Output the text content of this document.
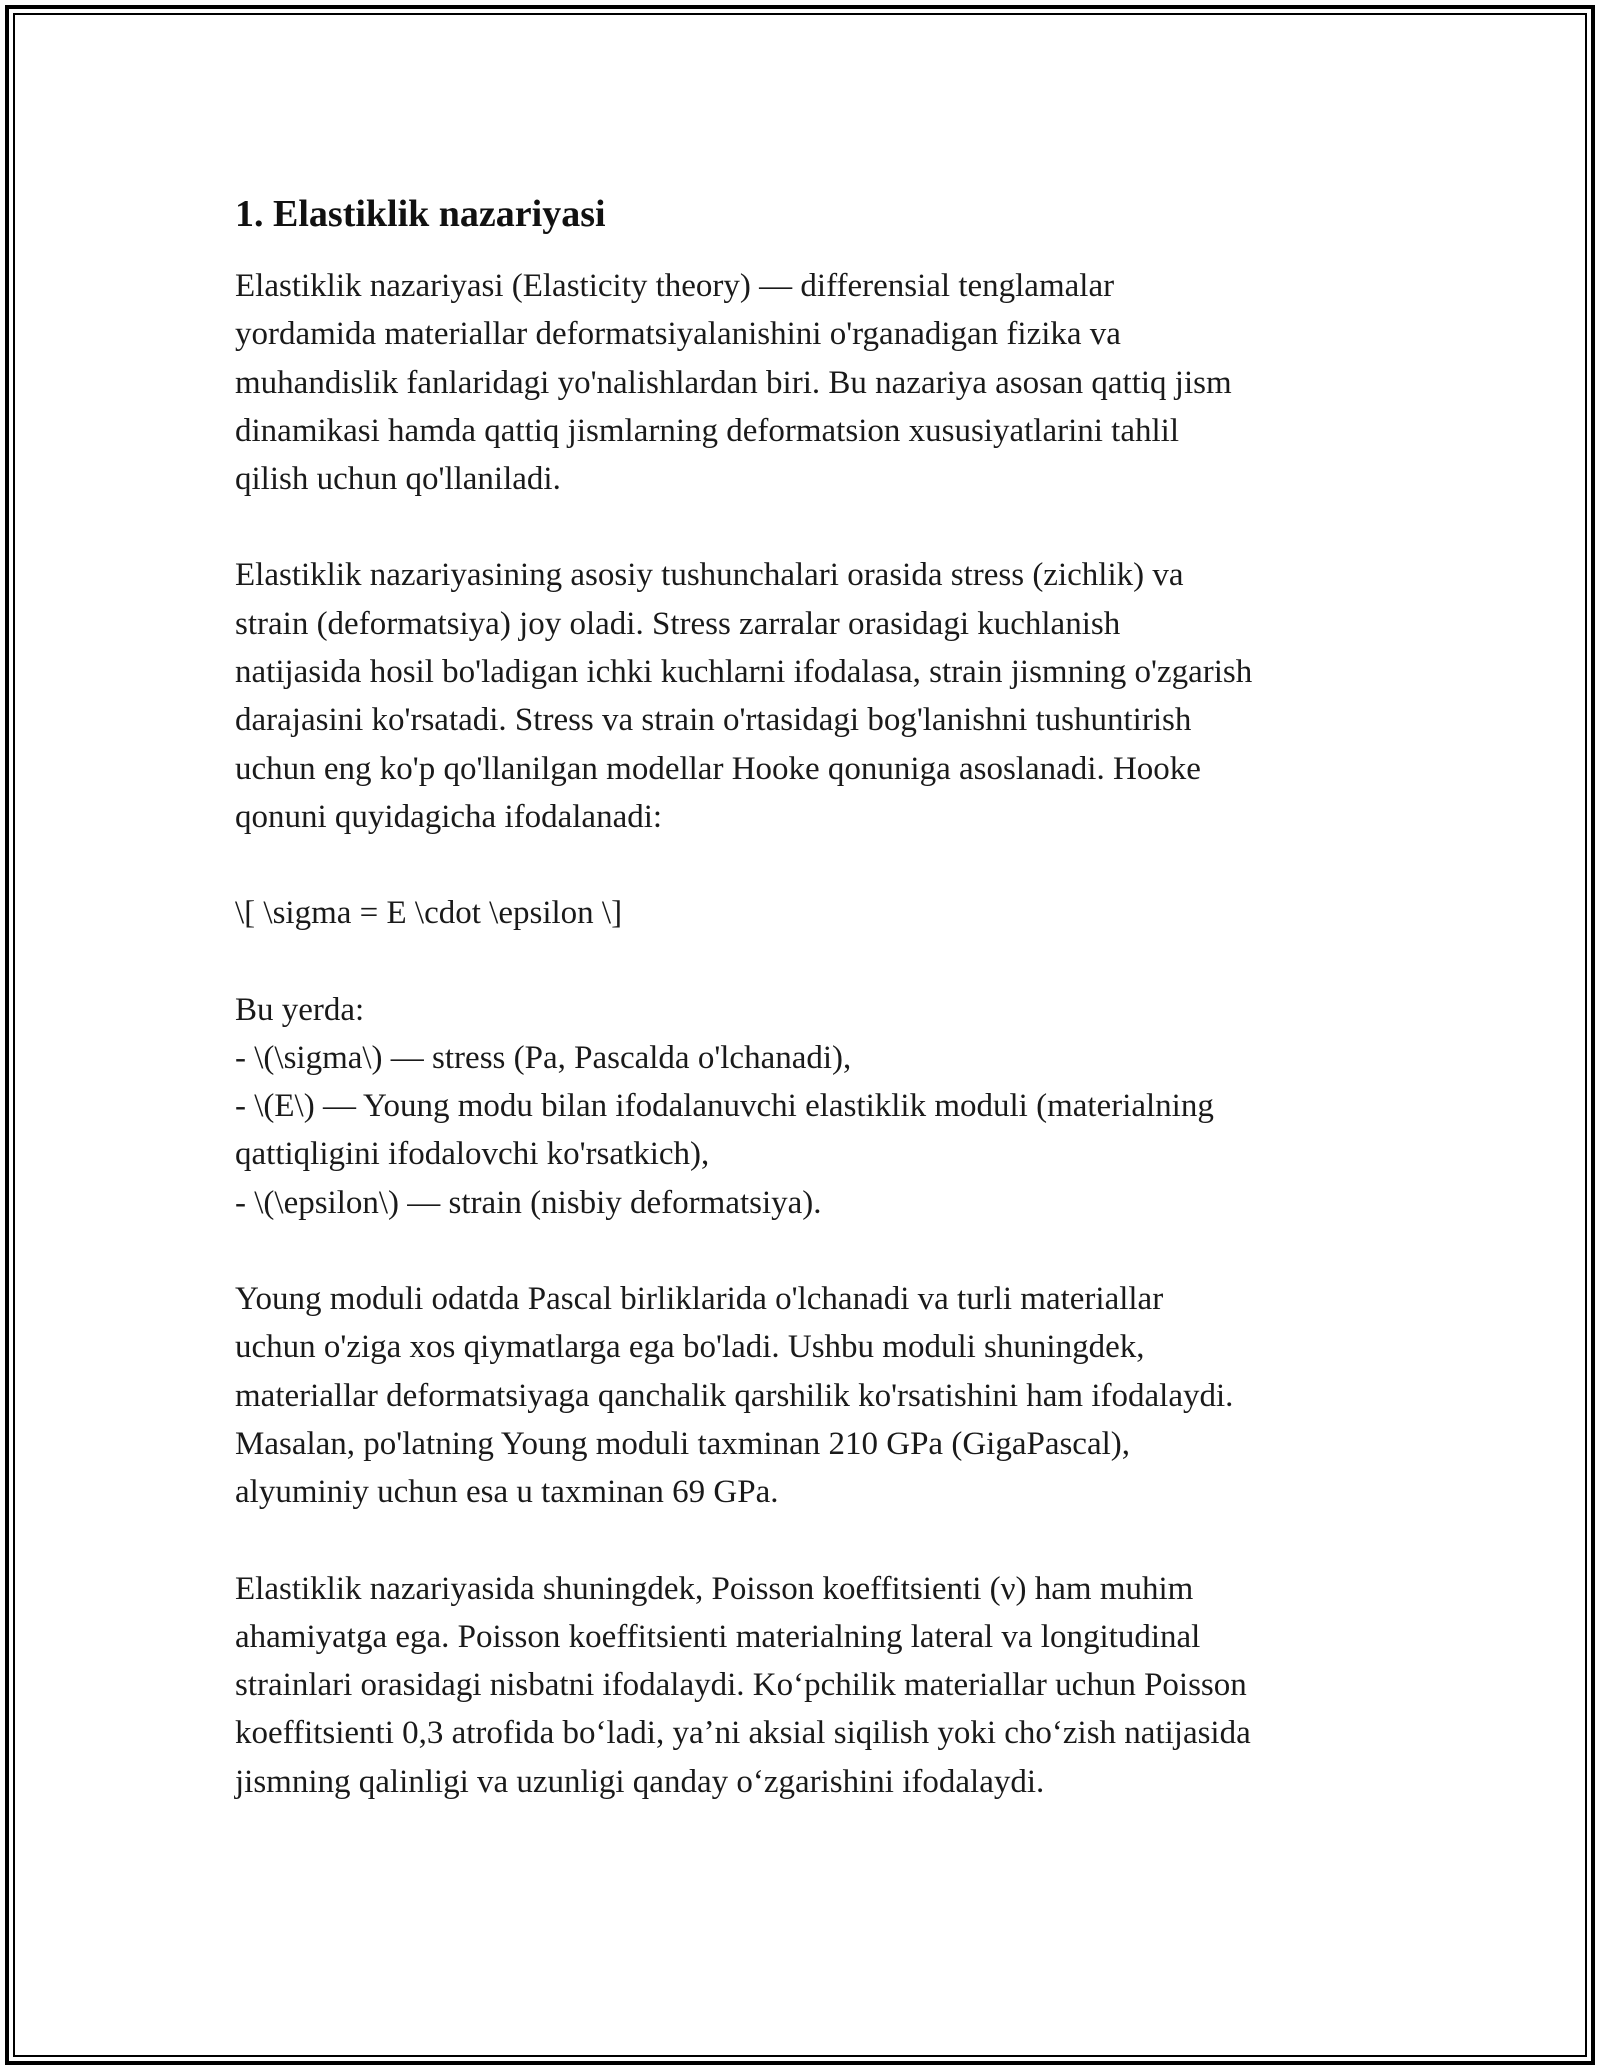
1. Elastiklik nazariyasi

Elastiklik nazariyasi (Elasticity theory) — differensial tenglamalar
yordamida materiallar deformatsiyalanishini o'rganadigan fizika va
muhandislik fanlaridagi yo'nalishlardan biri. Bu nazariya asosan qattiq jism
dinamikasi hamda qattiq jismlarning deformatsion xususiyatlarini tahlil
qilish uchun qo'llaniladi.

Elastiklik nazariyasining asosiy tushunchalari orasida stress (zichlik) va
strain (deformatsiya) joy oladi. Stress zarralar orasidagi kuchlanish
natijasida hosil bo'ladigan ichki kuchlarni ifodalasa, strain jismning o'zgarish
darajasini ko'rsatadi. Stress va strain o'rtasidagi bog'lanishni tushuntirish
uchun eng ko'p qo'llanilgan modellar Hooke qonuniga asoslanadi. Hooke
qonuni quyidagicha ifodalanadi:

\[ \sigma = E \cdot \epsilon \]

Bu yerda:
- \(\sigma\) — stress (Pa, Pascalda o'lchanadi),
- \(E\) — Young modu bilan ifodalanuvchi elastiklik moduli (materialning
qattiqligini ifodalovchi ko'rsatkich),
- \(\epsilon\) — strain (nisbiy deformatsiya).

Young moduli odatda Pascal birliklarida o'lchanadi va turli materiallar
uchun o'ziga xos qiymatlarga ega bo'ladi. Ushbu moduli shuningdek,
materiallar deformatsiyaga qanchalik qarshilik ko'rsatishini ham ifodalaydi.
Masalan, po'latning Young moduli taxminan 210 GPa (GigaPascal),
alyuminiy uchun esa u taxminan 69 GPa.

Elastiklik nazariyasida shuningdek, Poisson koeffitsienti (ν) ham muhim
ahamiyatga ega. Poisson koeffitsienti materialning lateral va longitudinal
strainlari orasidagi nisbatni ifodalaydi. Koʻpchilik materiallar uchun Poisson
koeffitsienti 0,3 atrofida boʻladi, yaʼni aksial siqilish yoki choʻzish natijasida
jismning qalinligi va uzunligi qanday oʻzgarishini ifodalaydi.
